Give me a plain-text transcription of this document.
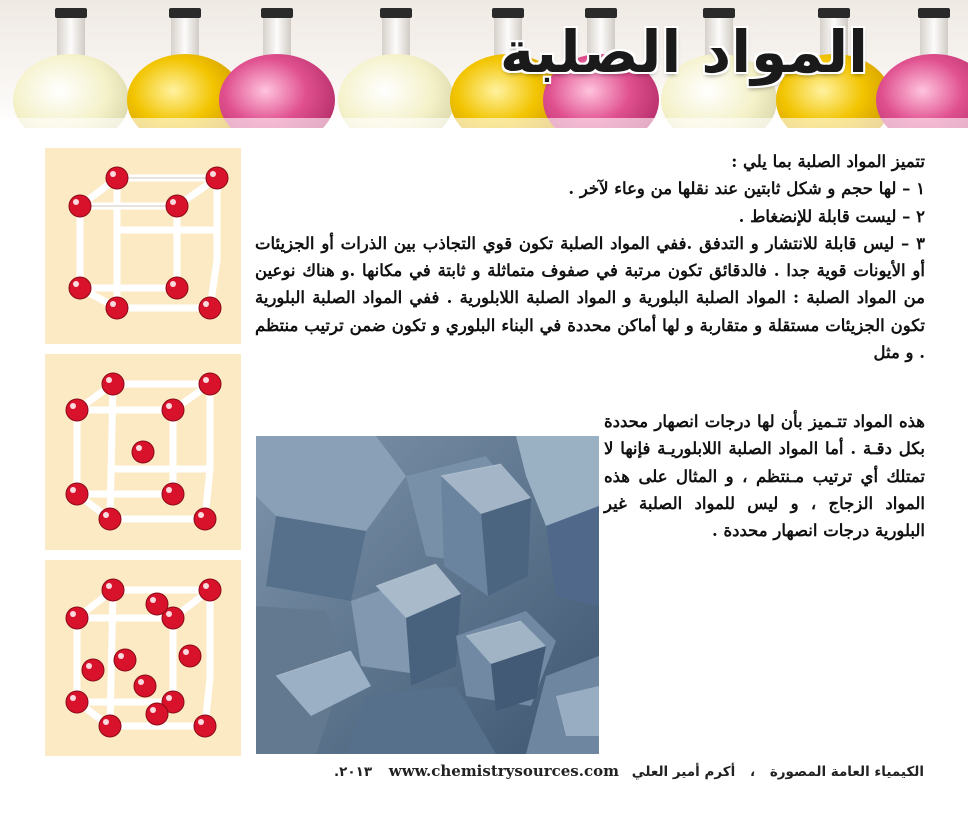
المواد الصلبة

تتميز المواد الصلبة بما يلي :

١ – لها حجم و شكل ثابتين عند نقلها من وعاء لآخر .

٢ – ليست قابلة للإنضغاط .

٣ – ليس قابلة للانتشار و التدفق .ففي المواد الصلبة تكون قوي التجاذب بين الذرات أو الجزيئات أو الأيونات قوية جدا . فالدقائق تكون مرتبة في صفوف متماثلة و ثابتة في مكانها .و هناك نوعين من المواد الصلبة : المواد الصلبة البلورية و المواد الصلبة اللابلورية . ففي المواد الصلبة البلورية تكون الجزيئات مستقلة و متقاربة و لها أماكن محددة في البناء البلوري و تكون ضمن ترتيب منتظم . و مثل

هذه المواد تتـميز بأن لها درجات انصهار محددة بكل دقـة . أما المواد الصلبة اللابلوريـة فإنها لا تمتلك أي ترتيب مـنتظم ، و المثال على هذه المواد الزجاج ، و ليس للمواد الصلبة غير البلورية درجات انصهار محددة .
الكيمياء العامة المصورة ، أكرم أمير العلي www.chemistrysources.com ٢٠١٣.
